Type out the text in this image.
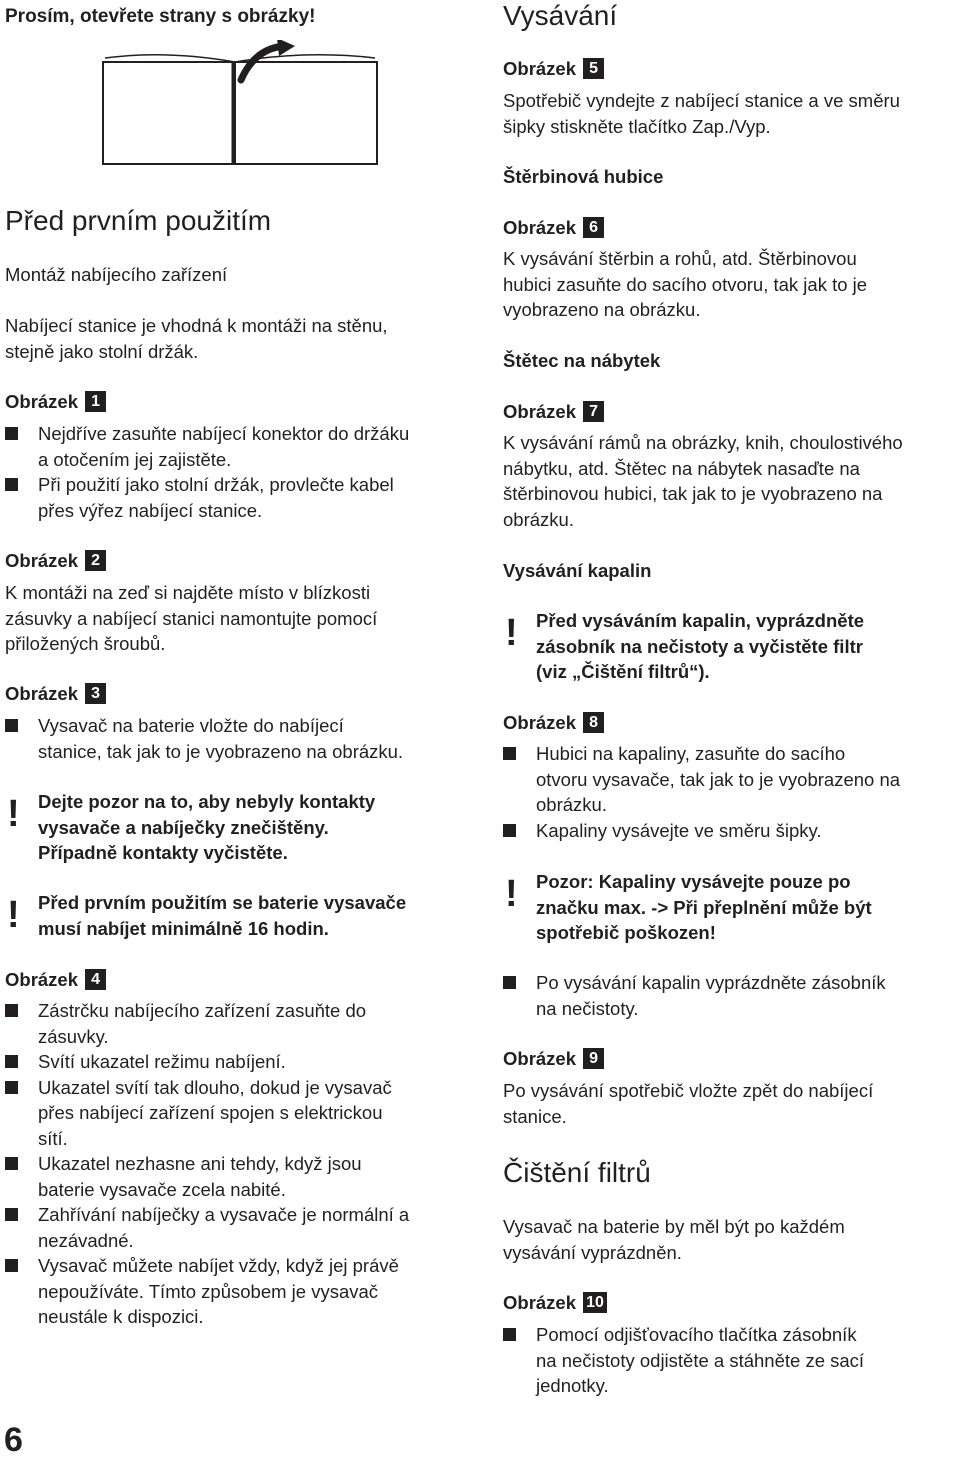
Prosím, otevřete strany s obrázky!

Před prvním použitím
Montáž nabíjecího zařízení

Nabíjecí stanice je vhodná k montáži na stěnu,

stejně jako stolní držák.

Obrázek 1
Nejdříve zasuňte nabíjecí konektor do držáku
a otočením jej zajistěte.
Při použití jako stolní držák, provlečte kabel
přes výřez nabíjecí stanice.
Obrázek 2

K montáži na zeď si najděte místo v blízkosti

zásuvky a nabíjecí stanici namontujte pomocí

přiložených šroubů.

Obrázek 3
Vysavač na baterie vložte do nabíjecí
stanice, tak jak to je vyobrazeno na obrázku.
! Dejte pozor na to, aby nebyly kontakty

vysavače a nabíječky znečištěny.

Případně kontakty vyčistěte.

! Před prvním použitím se baterie vysavače

musí nabíjet minimálně 16 hodin.

Obrázek 4
Zástrčku nabíjecího zařízení zasuňte do
zásuvky.
Svítí ukazatel režimu nabíjení.
Ukazatel svítí tak dlouho, dokud je vysavač
přes nabíjecí zařízení spojen s elektrickou
sítí.
Ukazatel nezhasne ani tehdy, když jsou
baterie vysavače zcela nabité.
Zahřívání nabíječky a vysavače je normální a
nezávadné.
Vysavač můžete nabíjet vždy, když jej právě
nepoužíváte. Tímto způsobem je vysavač
neustále k dispozici.
Vysávání
Obrázek 5

Spotřebič vyndejte z nabíjecí stanice a ve směru

šipky stiskněte tlačítko Zap./Vyp.

Štěrbinová hubice
Obrázek 6

K vysávání štěrbin a rohů, atd. Štěrbinovou

hubici zasuňte do sacího otvoru, tak jak to je

vyobrazeno na obrázku.

Štětec na nábytek
Obrázek 7

K vysávání rámů na obrázky, knih, choulostivého

nábytku, atd. Štětec na nábytek nasaďte na

štěrbinovou hubici, tak jak to je vyobrazeno na

obrázku.

Vysávání kapalin
! Před vysáváním kapalin, vyprázdněte

zásobník na nečistoty a vyčistěte filtr

(viz „Čištění filtrů“).

Obrázek 8
Hubici na kapaliny, zasuňte do sacího
otvoru vysavače, tak jak to je vyobrazeno na
obrázku.
Kapaliny vysávejte ve směru šipky.
! Pozor: Kapaliny vysávejte pouze po

značku max. -> Při přeplnění může být

spotřebič poškozen!

Po vysávání kapalin vyprázdněte zásobník
na nečistoty.
Obrázek 9

Po vysávání spotřebič vložte zpět do nabíjecí

stanice.

Čištění filtrů

Vysavač na baterie by měl být po každém

vysávání vyprázdněn.

Obrázek 10
Pomocí odjišťovacího tlačítka zásobník
na nečistoty odjistěte a stáhněte ze sací
jednotky.
6
